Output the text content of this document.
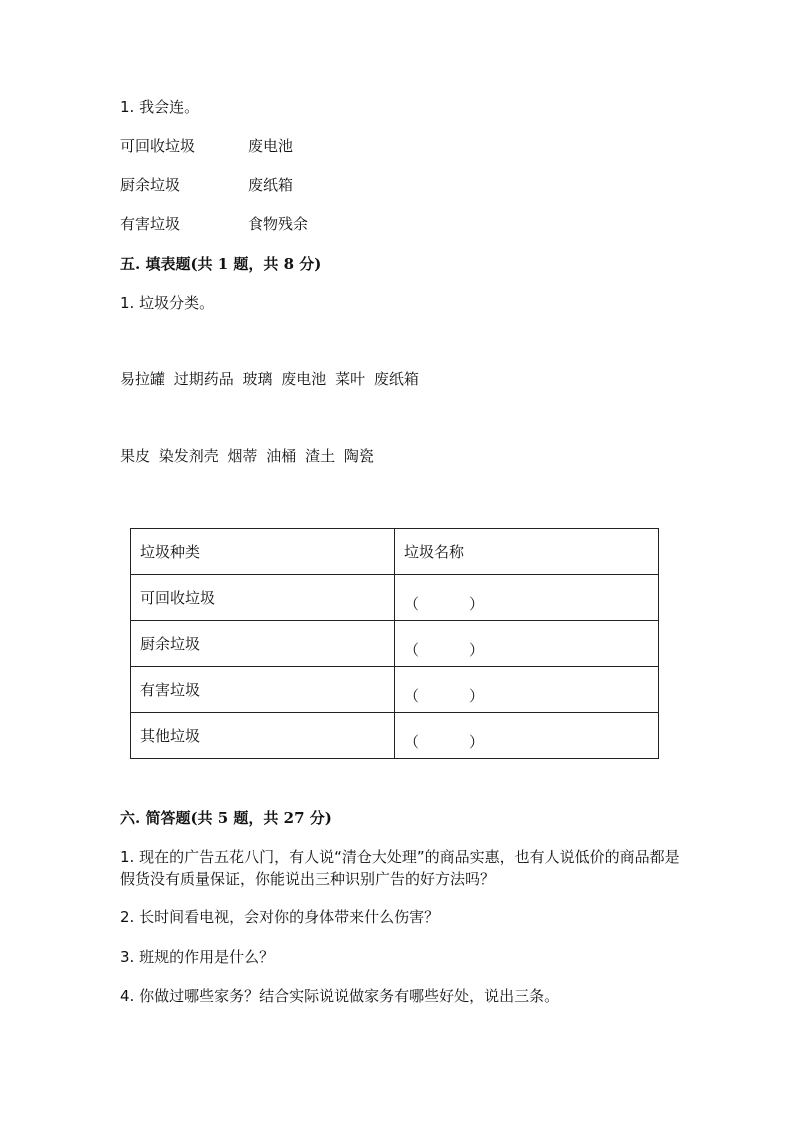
1. 我会连。
可回收垃圾	废电池
厨余垃圾	废纸箱
有害垃圾	食物残余
五. 填表题(共 1 题，共 8 分)
1. 垃圾分类。
易拉罐 过期药品 玻璃 废电池 菜叶 废纸箱
果皮 染发剂壳 烟蒂 油桶 渣土 陶瓷
垃圾种类	垃圾名称
可回收垃圾	（ ）

厨余垃圾	（ ）

有害垃圾	（ ）

其他垃圾	（ ）
六. 简答题(共 5 题，共 27 分)
1. 现在的广告五花八门，有人说“清仓大处理”的商品实惠，也有人说低价的商品都是假货没有质量保证，你能说出三种识别广告的好方法吗？
2. 长时间看电视，会对你的身体带来什么伤害？
3. 班规的作用是什么？
4. 你做过哪些家务？结合实际说说做家务有哪些好处，说出三条。
